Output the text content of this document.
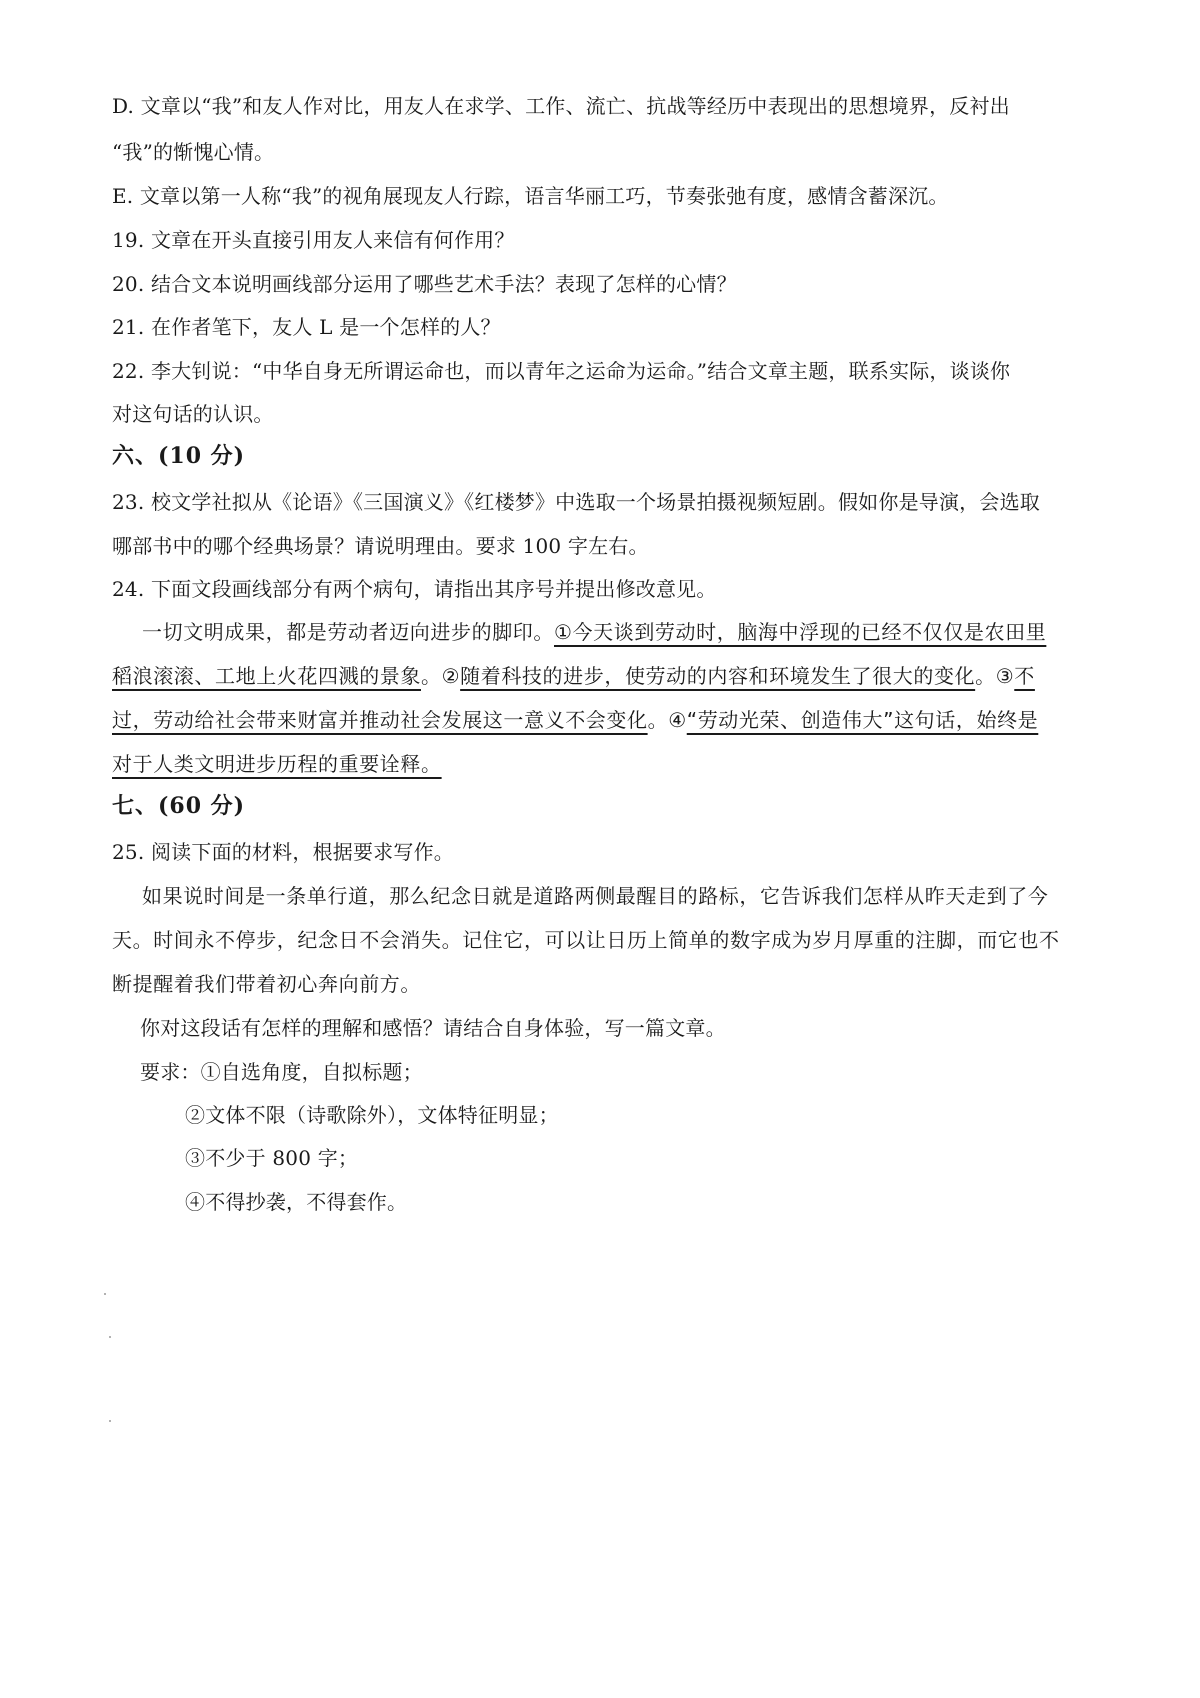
D. 文章以“我”和友人作对比，用友人在求学、工作、流亡、抗战等经历中表现出的思想境界，反衬出
“我”的惭愧心情。
E. 文章以第一人称“我”的视角展现友人行踪，语言华丽工巧，节奏张弛有度，感情含蓄深沉。
19. 文章在开头直接引用友人来信有何作用？
20. 结合文本说明画线部分运用了哪些艺术手法？表现了怎样的心情？
21. 在作者笔下，友人 L 是一个怎样的人？
22. 李大钊说：“中华自身无所谓运命也，而以青年之运命为运命。”结合文章主题，联系实际，谈谈你
对这句话的认识。
六、(10 分)
23. 校文学社拟从《论语》《三国演义》《红楼梦》中选取一个场景拍摄视频短剧。假如你是导演，会选取
哪部书中的哪个经典场景？请说明理由。要求 100 字左右。
24. 下面文段画线部分有两个病句，请指出其序号并提出修改意见。
一切文明成果，都是劳动者迈向进步的脚印。①今天谈到劳动时，脑海中浮现的已经不仅仅是农田里
稻浪滚滚、工地上火花四溅的景象。②随着科技的进步，使劳动的内容和环境发生了很大的变化。③不
过，劳动给社会带来财富并推动社会发展这一意义不会变化。④“劳动光荣、创造伟大”这句话，始终是
对于人类文明进步历程的重要诠释。
七、(60 分)
25. 阅读下面的材料，根据要求写作。
如果说时间是一条单行道，那么纪念日就是道路两侧最醒目的路标，它告诉我们怎样从昨天走到了今
天。时间永不停步，纪念日不会消失。记住它，可以让日历上简单的数字成为岁月厚重的注脚，而它也不
断提醒着我们带着初心奔向前方。
你对这段话有怎样的理解和感悟？请结合自身体验，写一篇文章。
要求：①自选角度，自拟标题；
②文体不限（诗歌除外），文体特征明显；
③不少于 800 字；
④不得抄袭，不得套作。
